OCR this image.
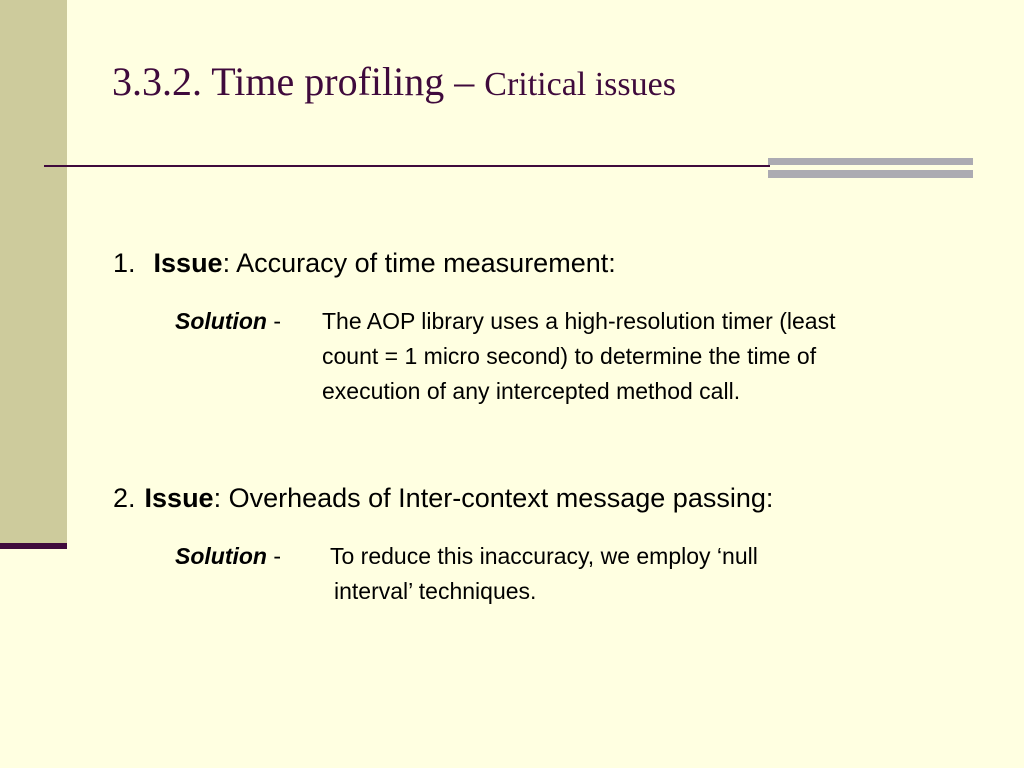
3.3.2. Time profiling – Critical issues

1. Issue: Accuracy of time measurement:

Solution -	The AOP library uses a high-resolution timer (least
count = 1 micro second) to determine the time of
execution of any intercepted method call.

2. Issue: Overheads of Inter-context message passing:

Solution -	To reduce this inaccuracy, we employ ‘null
interval’ techniques.
